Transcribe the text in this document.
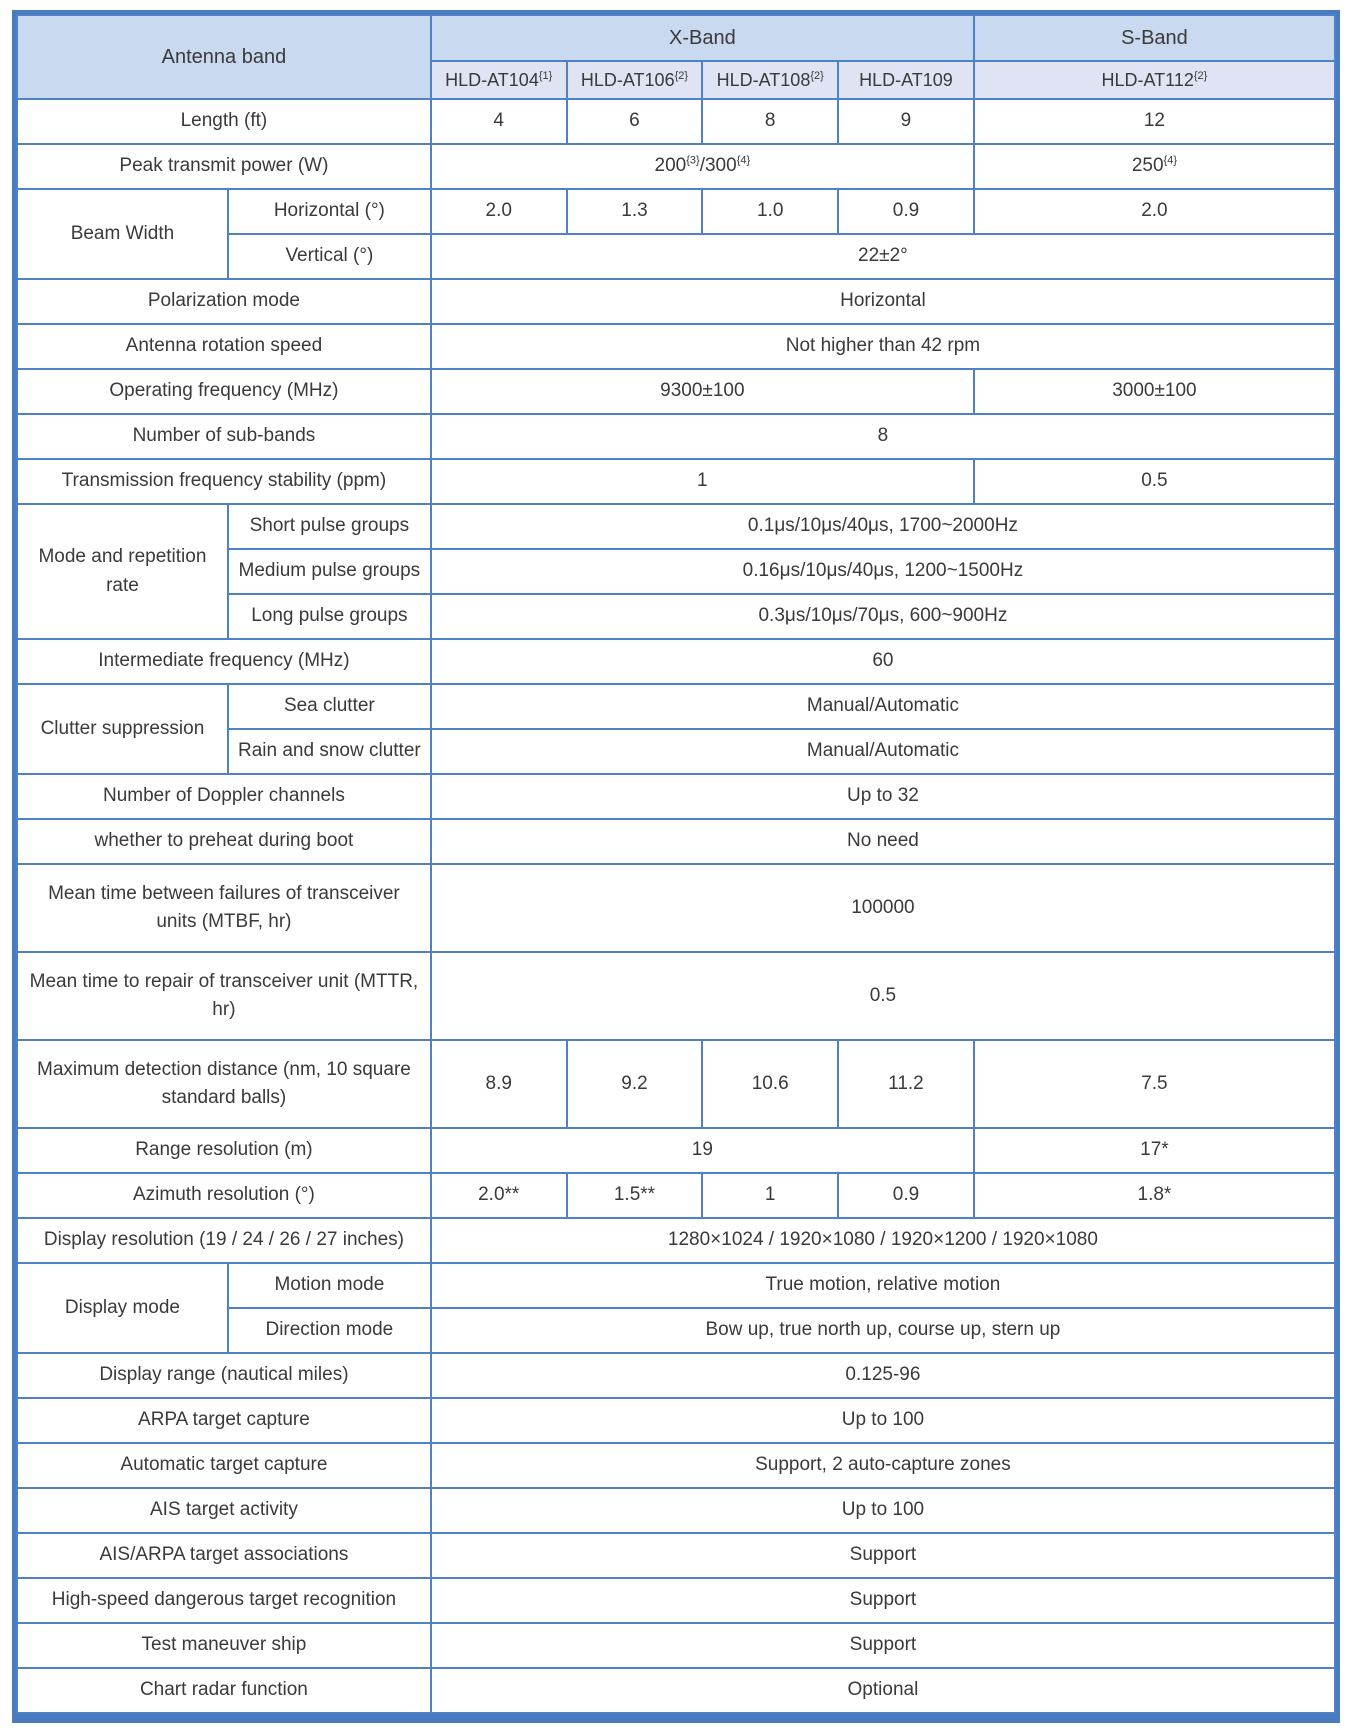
Antenna band		X-Band				S-Band
		HLD-$AT104^{\{1\}}$	HLD-$AT106^{\{2\}}$	HLD-$AT108^{\{2\}}$	HLD-AT109	HLD-$AT112^{\{2\}}$
Length (ft)		4	6	8	9	12
Peak transmit power (W)		$200^{\{3\}}/300^{\{4\}}$				$250^{\{4\}}$
Beam Width	Horizontal (°)	2.0	1.3	1.0	0.9	2.0
	Vertical (°)	22±2°				
Polarization mode		Horizontal				
Antenna rotation speed		Not higher than 42 rpm				
Operating frequency (MHz)		9300±100				3000±100
Number of sub-bands		8				
Transmission frequency stability (ppm)		1				0.5
Mode and repetition rate	Short pulse groups	0.1μs/10μs/40μs, 1700~2000Hz				
	Medium pulse groups	0.16μs/10μs/40μs, 1200~1500Hz				
	Long pulse groups	0.3μs/10μs/70μs, 600~900Hz				
Intermediate frequency (MHz)		60				
Clutter suppression	Sea clutter	Manual/Automatic				
	Rain and snow clutter	Manual/Automatic				
Number of Doppler channels		Up to 32				
whether to preheat during boot		No need				
Mean time between failures of transceiver units (MTBF, hr)		100000				
Mean time to repair of transceiver unit (MTTR, hr)		0.5				
Maximum detection distance (nm, 10 square standard balls)		8.9	9.2	10.6	11.2	7.5
Range resolution (m)		19				17*
Azimuth resolution (°)		2.0**	1.5**	1	0.9	1.8*
Display resolution (19 / 24 / 26 / 27 inches)		1280×1024 / 1920×1080 / 1920×1200 / 1920×1080				
Display mode	Motion mode	True motion, relative motion				
	Direction mode	Bow up, true north up, course up, stern up				
Display range (nautical miles)		0.125-96				
ARPA target capture		Up to 100				
Automatic target capture		Support, 2 auto-capture zones				
AIS target activity		Up to 100				
AIS/ARPA target associations		Support				
High-speed dangerous target recognition		Support				
Test maneuver ship		Support				
Chart radar function		Optional				
